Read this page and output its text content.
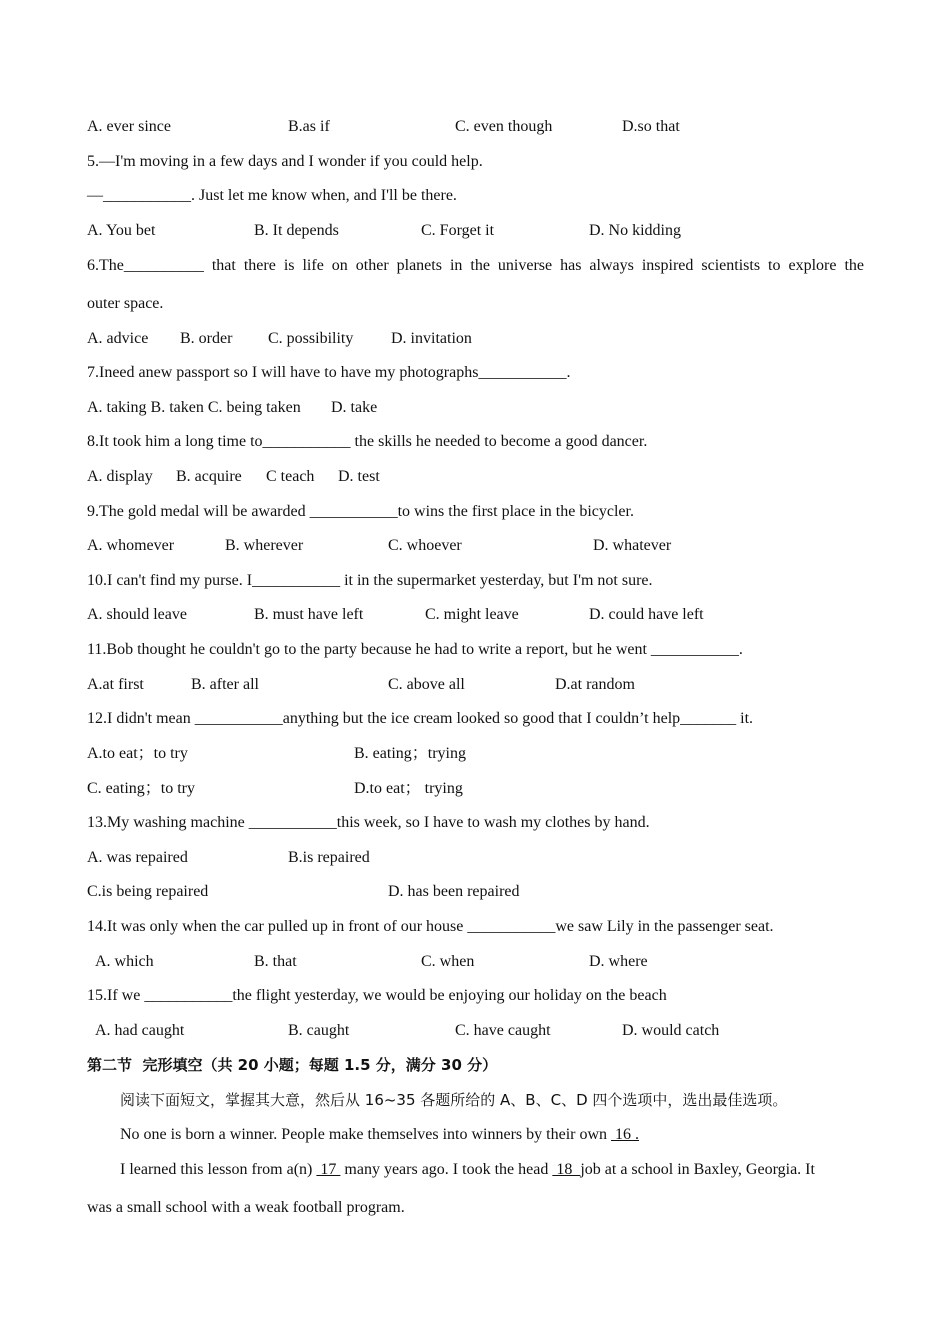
A. ever since	B.as if	C. even though	D.so that
5.—I'm moving in a few days and I wonder if you could help.
—___________. Just let me know when, and I'll be there.
A. You bet	B. It depends	C. Forget it	D. No kidding
6.The__________ that there is life on other planets in the universe has always inspired scientists to explore the
outer space.
A. advice B. order C. possibility D. invitation
7.Ineed anew passport so I will have to have my photographs___________.
A. taking B. taken C. being taken D. take
8.It took him a long time to___________ the skills he needed to become a good dancer.
A. display B. acquire C teach D. test
9.The gold medal will be awarded ___________to wins the first place in the bicycler.
A. whomever	B. wherever	C. whoever	D. whatever
10.I can't find my purse. I___________ it in the supermarket yesterday, but I'm not sure.
A. should leave	B. must have left	C. might leave	D. could have left
11.Bob thought he couldn't go to the party because he had to write a report, but he went ___________.
A.at first	B. after all	C. above all	D.at random
12.I didn't mean ___________anything but the ice cream looked so good that I couldn’t help_______ it.
A.to eat；to try	B. eating；trying
C. eating；to try	D.to eat； trying
13.My washing machine ___________this week, so I have to wash my clothes by hand.
A. was repaired	B.is repaired
C.is being repaired	D. has been repaired
14.It was only when the car pulled up in front of our house ___________we saw Lily in the passenger seat.
A. which	B. that	C. when	D. where
15.If we ___________the flight yesterday, we would be enjoying our holiday on the beach
A. had caught	B. caught	C. have caught	D. would catch
第二节  完形填空（共 20 小题；每题 1.5 分，满分 30 分）
阅读下面短文，掌握其大意，然后从 16~35 各题所给的 A、B、C、D 四个选项中，选出最佳选项。
No one is born a winner. People make themselves into winners by their own  16 .
I learned this lesson from a(n)  17  many years ago. I took the head  18  job at a school in Baxley, Georgia. It
was a small school with a weak football program.
